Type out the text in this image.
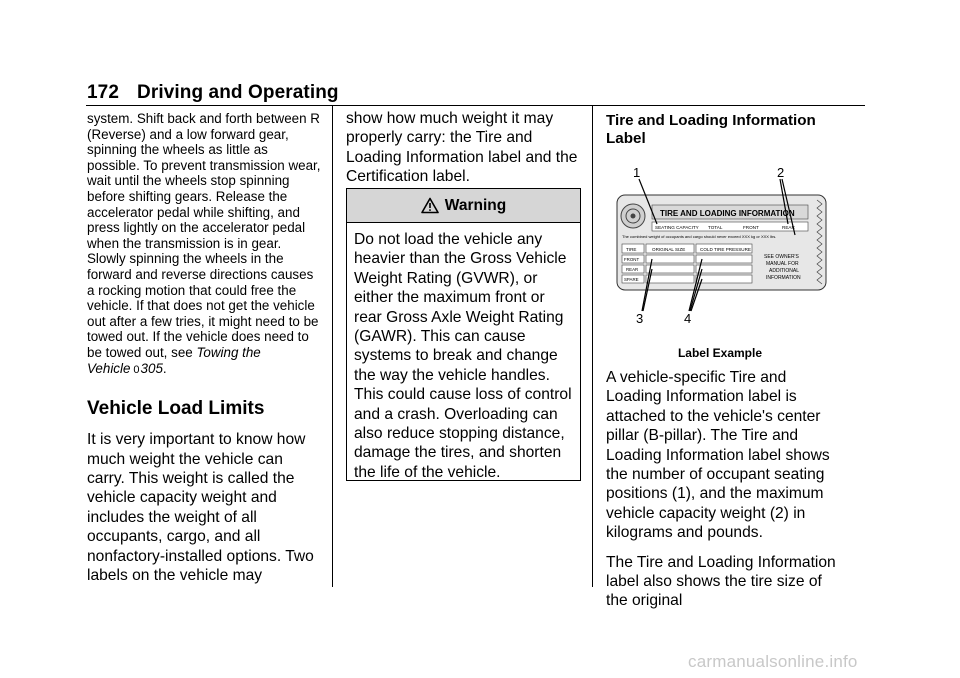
172 Driving and Operating

system. Shift back and forth between R (Reverse) and a low forward gear, spinning the wheels as little as possible. To prevent transmission wear, wait until the wheels stop spinning before shifting gears. Release the accelerator pedal while shifting, and press lightly on the accelerator pedal when the transmission is in gear. Slowly spinning the wheels in the forward and reverse directions causes a rocking motion that could free the vehicle. If that does not get the vehicle out after a few tries, it might need to be towed out. If the vehicle does need to be towed out, see Towing the Vehicle 0305.

Vehicle Load Limits

It is very important to know how much weight the vehicle can carry. This weight is called the vehicle capacity weight and includes the weight of all occupants, cargo, and all nonfactory-installed options. Two labels on the vehicle may

show how much weight it may properly carry: the Tire and Loading Information label and the Certification label.

Warning
Do not load the vehicle any heavier than the Gross Vehicle Weight Rating (GVWR), or either the maximum front or rear Gross Axle Weight Rating (GAWR). This can cause systems to break and change the way the vehicle handles. This could cause loss of control and a crash. Overloading can also reduce stopping distance, damage the tires, and shorten the life of the vehicle.
Tire and Loading Information Label
1	2
3	4
TIRE AND LOADING INFORMATION
SEATING CAPACITY TOTAL	FRONT	REAR
The combined weight of occupants and cargo should never exceed XXX kg or XXX lbs.
TIRE	ORIGINAL SIZE	COLD TIRE PRESSURE
FRONT
REAR
SPARE
SEE OWNER'S
MANUAL FOR
ADDITIONAL
INFORMATION
Label Example

A vehicle-specific Tire and Loading Information label is attached to the vehicle's center pillar (B-pillar). The Tire and Loading Information label shows the number of occupant seating positions (1), and the maximum vehicle capacity weight (2) in kilograms and pounds.

The Tire and Loading Information label also shows the tire size of the original

carmanualsonline.info
